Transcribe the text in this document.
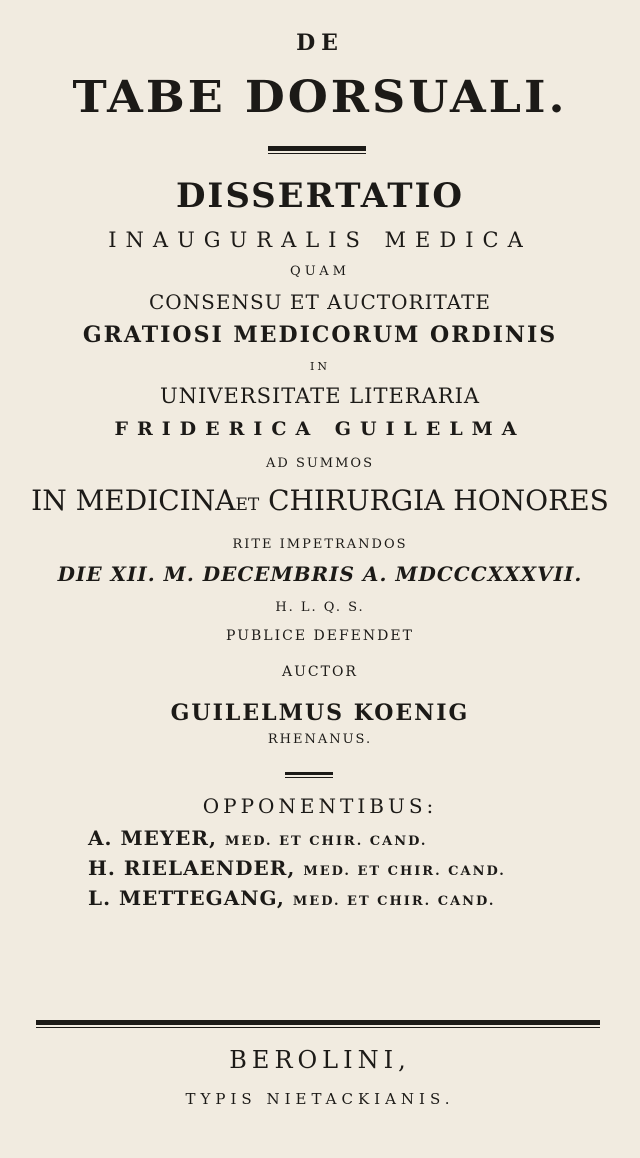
DE
TABE DORSUALI.
DISSERTATIO
INAUGURALIS MEDICA
QUAM
CONSENSU ET AUCTORITATE
GRATIOSI MEDICORUM ORDINIS
IN
UNIVERSITATE LITERARIA
FRIDERICA GUILELMA
AD SUMMOS
IN MEDICINAET CHIRURGIA HONORES
RITE IMPETRANDOS
DIE XII. M. DECEMBRIS A. MDCCCXXXVII.
H. L. Q. S.
PUBLICE DEFENDET
AUCTOR
GUILELMUS KOENIG
RHENANUS.
OPPONENTIBUS:
A. MEYER, MED. ET CHIR. CAND.
H. RIELAENDER, MED. ET CHIR. CAND.
L. METTEGANG, MED. ET CHIR. CAND.
BEROLINI,
TYPIS NIETACKIANIS.
